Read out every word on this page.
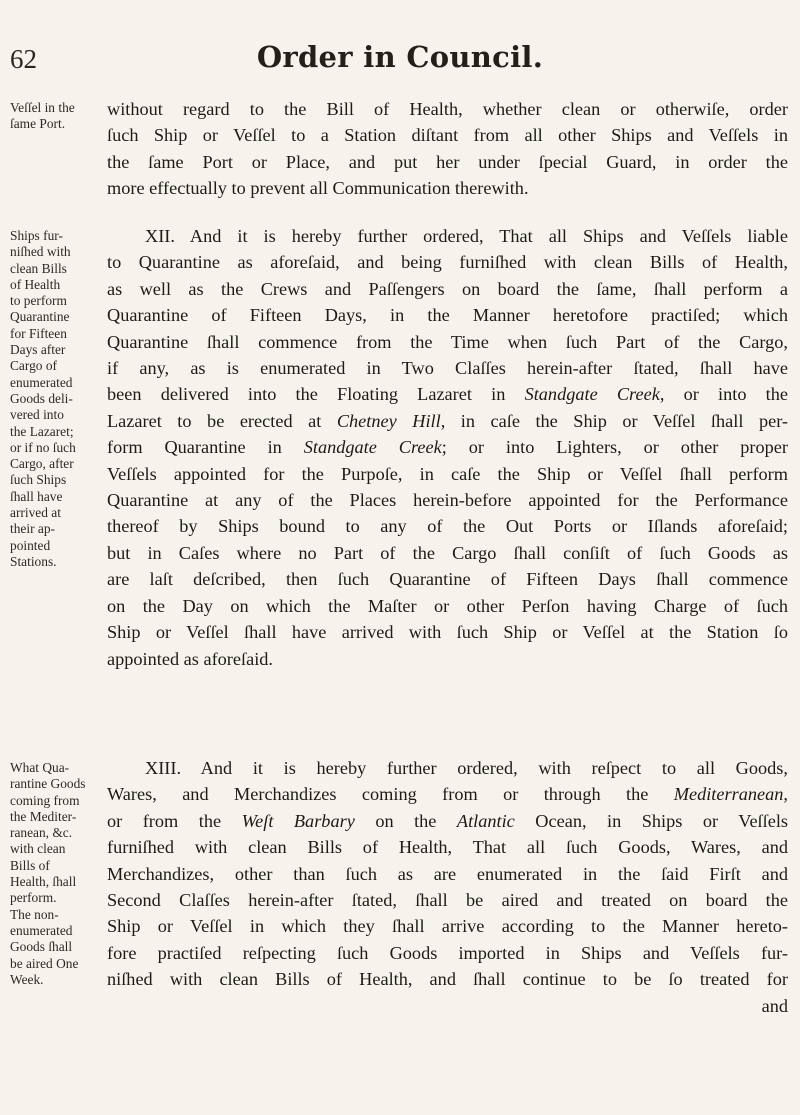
62	Order in Council.
Veſſel in the
ſame Port.
without regard to the Bill of Health, whether clean or otherwiſe, order
ſuch Ship or Veſſel to a Station diſtant from all other Ships and Veſſels in
the ſame Port or Place, and put her under ſpecial Guard, in order the
more effectually to prevent all Communication therewith.
Ships fur-
niſhed with
clean Bills
of Health
to perform
Quarantine
for Fifteen
Days after
Cargo of
enumerated
Goods deli-
vered into
the Lazaret;
or if no ſuch
Cargo, after
ſuch Ships
ſhall have
arrived at
their ap-
pointed
Stations.
XII. And it is hereby further ordered, That all Ships and Veſſels liable
to Quarantine as aforeſaid, and being furniſhed with clean Bills of Health,
as well as the Crews and Paſſengers on board the ſame, ſhall perform a
Quarantine of Fifteen Days, in the Manner heretofore practiſed; which
Quarantine ſhall commence from the Time when ſuch Part of the Cargo,
if any, as is enumerated in Two Claſſes herein-after ſtated, ſhall have
been delivered into the Floating Lazaret in Standgate Creek, or into the
Lazaret to be erected at Chetney Hill, in caſe the Ship or Veſſel ſhall per-
form Quarantine in Standgate Creek; or into Lighters, or other proper
Veſſels appointed for the Purpoſe, in caſe the Ship or Veſſel ſhall perform
Quarantine at any of the Places herein-before appointed for the Performance
thereof by Ships bound to any of the Out Ports or Iſlands aforeſaid;
but in Caſes where no Part of the Cargo ſhall conſiſt of ſuch Goods as
are laſt deſcribed, then ſuch Quarantine of Fifteen Days ſhall commence
on the Day on which the Maſter or other Perſon having Charge of ſuch
Ship or Veſſel ſhall have arrived with ſuch Ship or Veſſel at the Station ſo
appointed as aforeſaid.
What Qua-
rantine Goods
coming from
the Mediter-
ranean, &c.
with clean
Bills of
Health, ſhall
perform.
The non-
enumerated
Goods ſhall
be aired One
Week.
XIII. And it is hereby further ordered, with reſpect to all Goods,
Wares, and Merchandizes coming from or through the Mediterranean,
or from the Weſt Barbary on the Atlantic Ocean, in Ships or Veſſels
furniſhed with clean Bills of Health, That all ſuch Goods, Wares, and
Merchandizes, other than ſuch as are enumerated in the ſaid Firſt and
Second Claſſes herein-after ſtated, ſhall be aired and treated on board the
Ship or Veſſel in which they ſhall arrive according to the Manner hereto-
fore practiſed reſpecting ſuch Goods imported in Ships and Veſſels fur-
niſhed with clean Bills of Health, and ſhall continue to be ſo treated for
and
